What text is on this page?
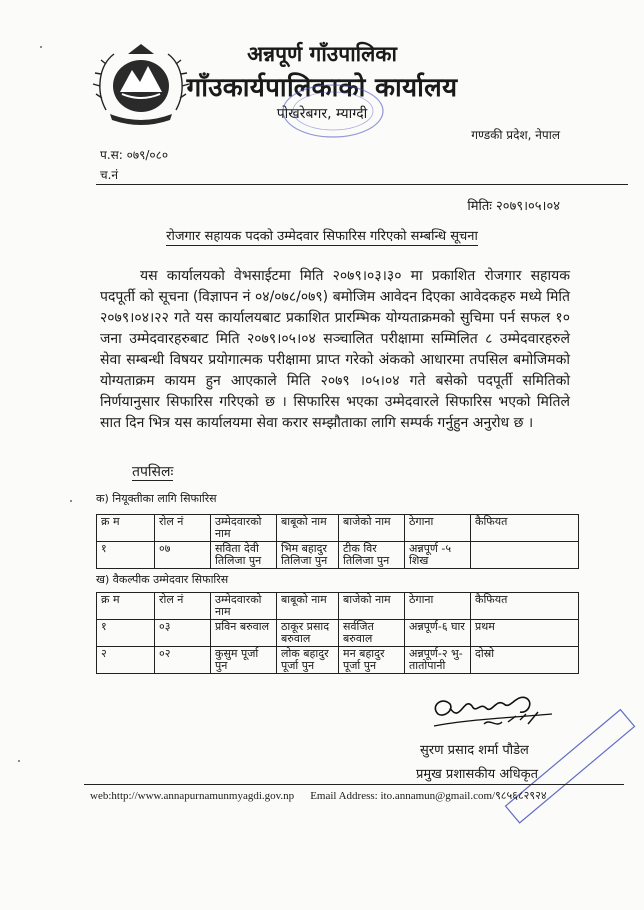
अन्नपूर्ण गाँउपालिका
गाँउकार्यपालिकाको कार्यालय
पोखरेबगर, म्याग्दी
गण्डकी प्रदेश, नेपाल
प.स: ०७९/०८०
च.नं
मितिः २०७९।०५।०४
रोजगार सहायक पदको उम्मेदवार सिफारिस गरिएको सम्बन्धि सूचना
यस कार्यालयको वेभसाईटमा मिति २०७९।०३।३० मा प्रकाशित रोजगार सहायक पदपूर्ती को सूचना (विज्ञापन नं ०४/०७८/०७९) बमोजिम आवेदन दिएका आवेदकहरु मध्ये मिति २०७९।०४।२२ गते यस कार्यालयबाट प्रकाशित प्रारम्भिक योग्यताक्रमको सुचिमा पर्न सफल १० जना उम्मेदवारहरुबाट मिति २०७९।०५।०४ सञ्चालित परीक्षामा सम्मिलित ८ उम्मेदवारहरुले सेवा सम्बन्धी विषयर प्रयोगात्मक परीक्षामा प्राप्त गरेको अंकको आधारमा तपसिल बमोजिमको योग्यताक्रम कायम हुन आएकाले मिति २०७९ ।०५।०४ गते बसेको पदपूर्ती समितिको निर्णयानुसार सिफारिस गरिएको छ । सिफारिस भएका उम्मेदवारले सिफारिस भएको मितिले सात दिन भित्र यस कार्यालयमा सेवा करार सम्झौताका लागि सम्पर्क गर्नुहुन अनुरोध छ ।
तपसिलः
क) नियूक्तीका लागि सिफारिस
क्र म	रोल नं	उम्मेदवारको नाम	बाबूको नाम	बाजेको नाम	ठेगाना	कैफियत
१	०७	सविता देवी तिलिजा पुन	भिम बहादुर तिलिजा पुन	टीक विर तिलिजा पुन	अन्नपूर्ण -५ शिख	
ख) वैकल्पीक उम्मेदवार सिफारिस
क्र म	रोल नं	उम्मेदवारको नाम	बाबूको नाम	बाजेको नाम	ठेगाना	कैफियत
१	०३	प्रविन बरुवाल	ठाकूर प्रसाद बरुवाल	सर्वजित बरुवाल	अन्नपूर्ण-६ घार	प्रथम
२	०२	कुसुम पूर्जा पुन	लोक बहादुर पूर्जा पुन	मन बहादुर पूर्जा पुन	अन्नपूर्ण-२ भु-तातोपानी	दोस्रो
सुरण प्रसाद शर्मा पौडेल
प्रमुख प्रशासकीय अधिकृत
web:http://www.annapurnamunmyagdi.gov.np Email Address: ito.annamun@gmail.com/९८५६८२९२४
